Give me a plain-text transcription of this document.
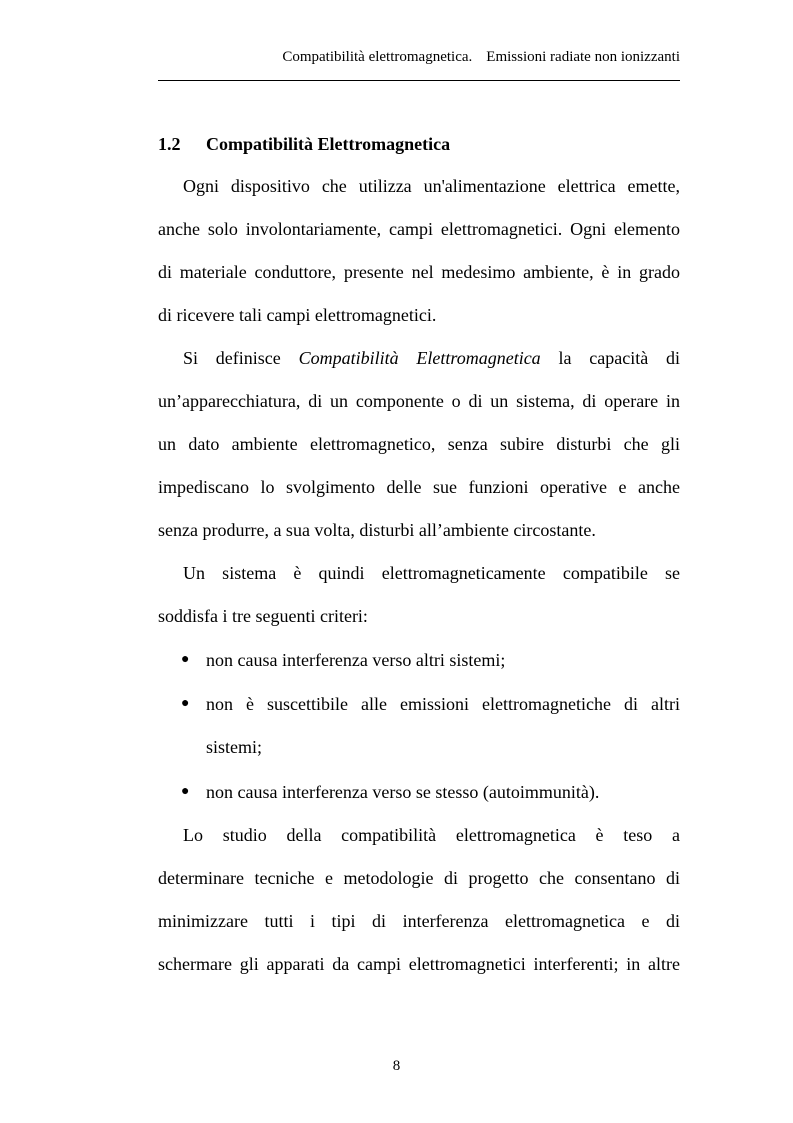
Compatibilità elettromagnetica. Emissioni radiate non ionizzanti
1.2 Compatibilità Elettromagnetica
Ogni dispositivo che utilizza un'alimentazione elettrica emette,
anche solo involontariamente, campi elettromagnetici. Ogni elemento
di materiale conduttore, presente nel medesimo ambiente, è in grado
di ricevere tali campi elettromagnetici.
Si definisce Compatibilità Elettromagnetica la capacità di
un’apparecchiatura, di un componente o di un sistema, di operare in
un dato ambiente elettromagnetico, senza subire disturbi che gli
impediscano lo svolgimento delle sue funzioni operative e anche
senza produrre, a sua volta, disturbi all’ambiente circostante.
Un sistema è quindi elettromagneticamente compatibile se
soddisfa i tre seguenti criteri:
● non causa interferenza verso altri sistemi;
● non è suscettibile alle emissioni elettromagnetiche di altri
sistemi;
● non causa interferenza verso se stesso (autoimmunità).
Lo studio della compatibilità elettromagnetica è teso a
determinare tecniche e metodologie di progetto che consentano di
minimizzare tutti i tipi di interferenza elettromagnetica e di
schermare gli apparati da campi elettromagnetici interferenti; in altre
8
